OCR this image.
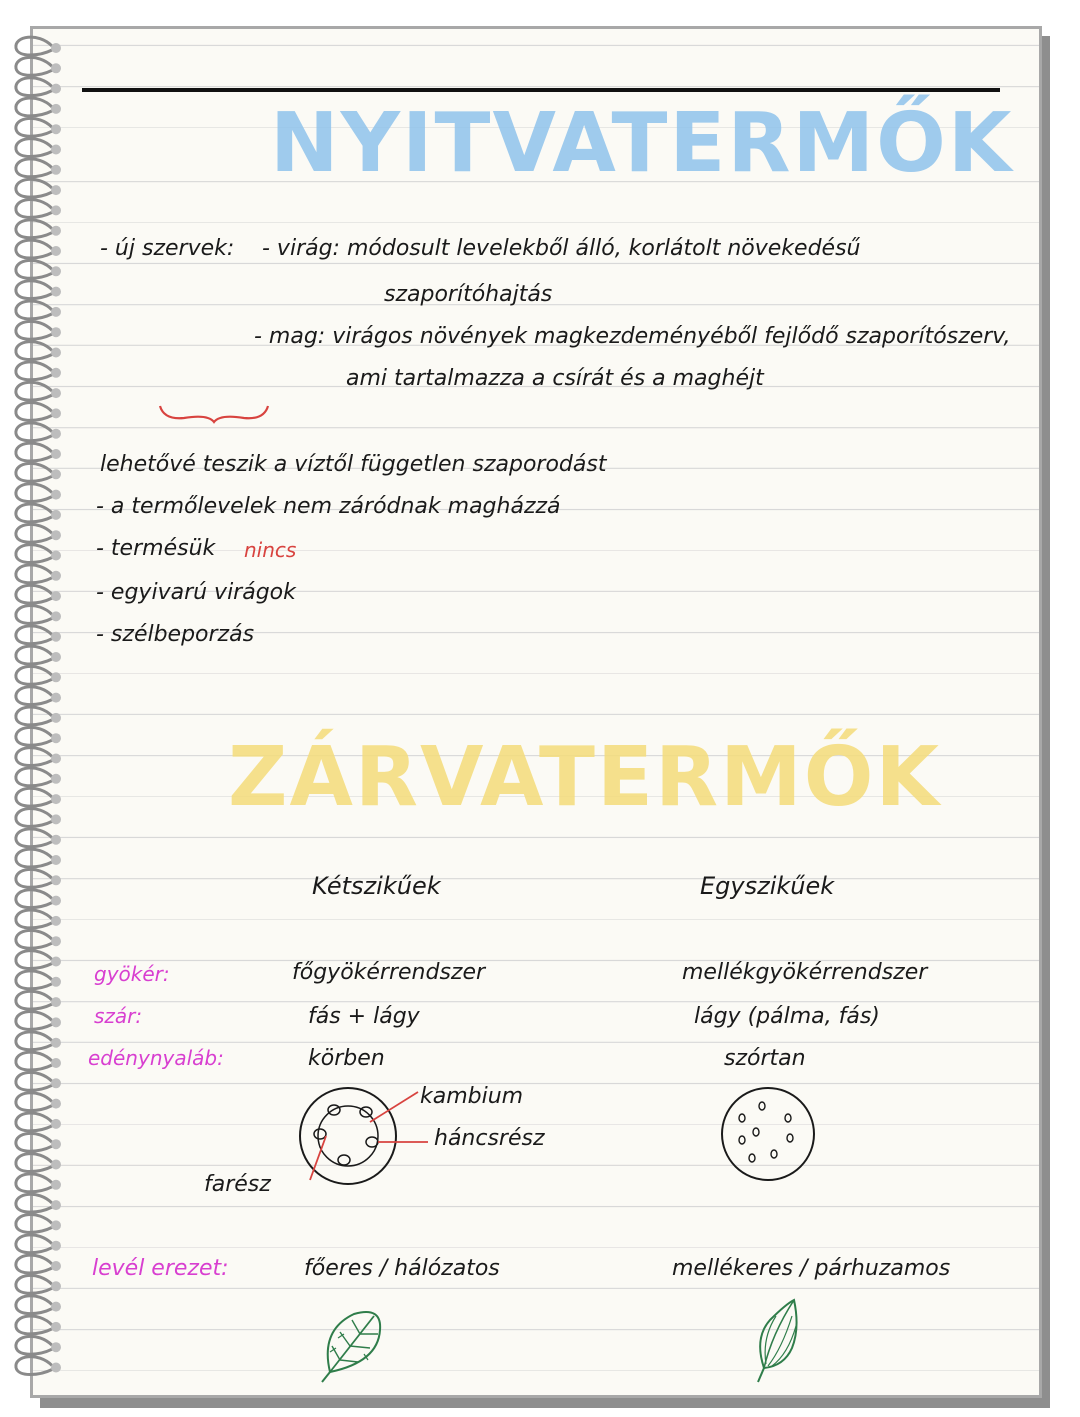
NYITVATERMŐK
- új szervek: - virág: módosult levelekből álló, korlátolt növekedésű
szaporítóhajtás
- mag: virágos növények magkezdeményéből fejlődő szaporítószerv,
ami tartalmazza a csírát és a maghéjt
lehetővé teszik a víztől független szaporodást
- a termőlevelek nem záródnak magházzá
- termésük nincs
- egyivarú virágok
- szélbeporzás
ZÁRVATERMŐK
Kétszikűek	Egyszikűek
gyökér:
szár:
edénynyaláb:
levél erezet:
főgyökérrendszer
fás + lágy
körben
mellékgyökérrendszer
lágy (pálma, fás)
szórtan
kambium
háncsrész
farész
főeres / hálózatos	mellékeres / párhuzamos
